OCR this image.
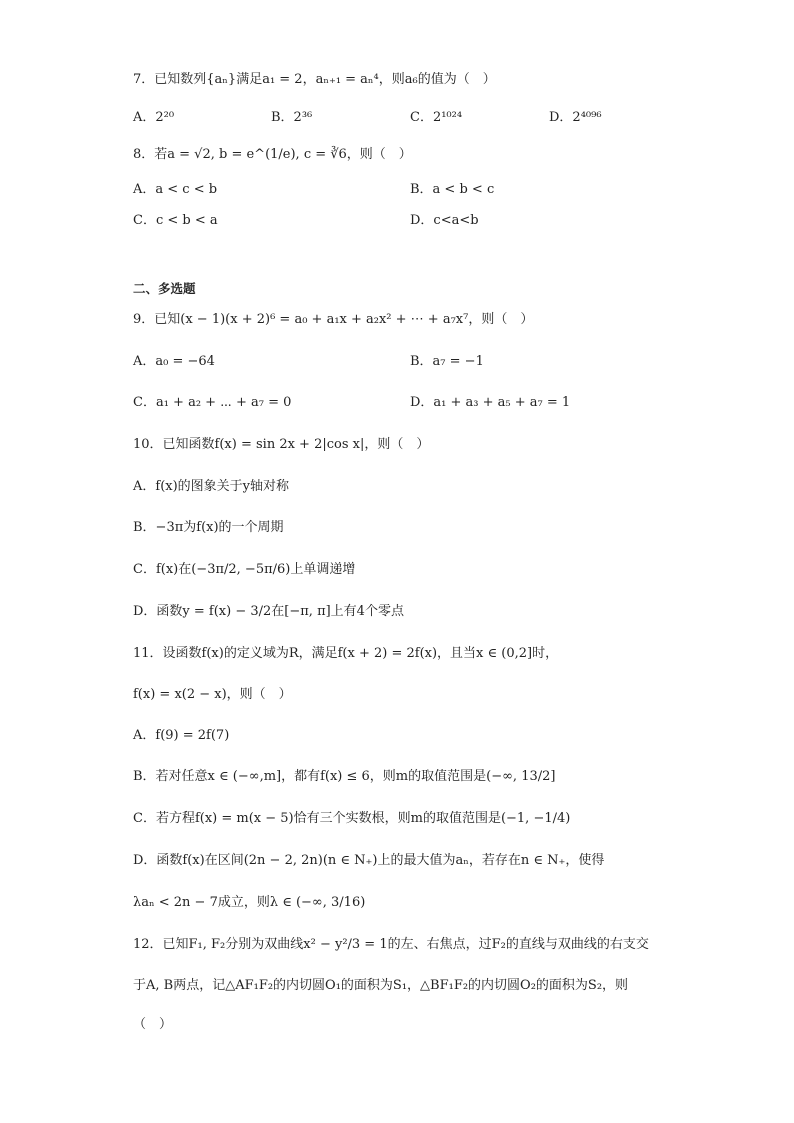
7．已知数列{aₙ}满足a₁ = 2，aₙ₊₁ = aₙ⁴，则a₆的值为（　）
A．2²⁰	B．2³⁶	C．2¹⁰²⁴	D．2⁴⁰⁹⁶
8．若a = √2, b = e^(1/e), c = ∛6，则（　）
A．a < c < b	B．a < b < c
C．c < b < a	D．c<a<b
二、多选题
9．已知(x − 1)(x + 2)⁶ = a₀ + a₁x + a₂x² + ⋯ + a₇x⁷，则（　）
A．a₀ = −64	B．a₇ = −1
C．a₁ + a₂ + ⋯ + a₇ = 0	D．a₁ + a₃ + a₅ + a₇ = 1
10．已知函数f(x) = sin 2x + 2|cos x|，则（　）
A．f(x)的图象关于y轴对称
B．−3π为f(x)的一个周期
C．f(x)在(−3π/2, −5π/6)上单调递增
D．函数y = f(x) − 3/2在[−π, π]上有4个零点
11．设函数f(x)的定义域为R，满足f(x + 2) = 2f(x)，且当x ∈ (0,2]时，
f(x) = x(2 − x)，则（　）
A．f(9) = 2f(7)
B．若对任意x ∈ (−∞,m]，都有f(x) ≤ 6，则m的取值范围是(−∞, 13/2]
C．若方程f(x) = m(x − 5)恰有三个实数根，则m的取值范围是(−1, −1/4)
D．函数f(x)在区间(2n − 2, 2n)(n ∈ N₊)上的最大值为aₙ，若存在n ∈ N₊，使得
λaₙ < 2n − 7成立，则λ ∈ (−∞, 3/16)
12．已知F₁, F₂分别为双曲线x² − y²/3 = 1的左、右焦点，过F₂的直线与双曲线的右支交
于A, B两点，记△AF₁F₂的内切圆O₁的面积为S₁，△BF₁F₂的内切圆O₂的面积为S₂，则
（　）
